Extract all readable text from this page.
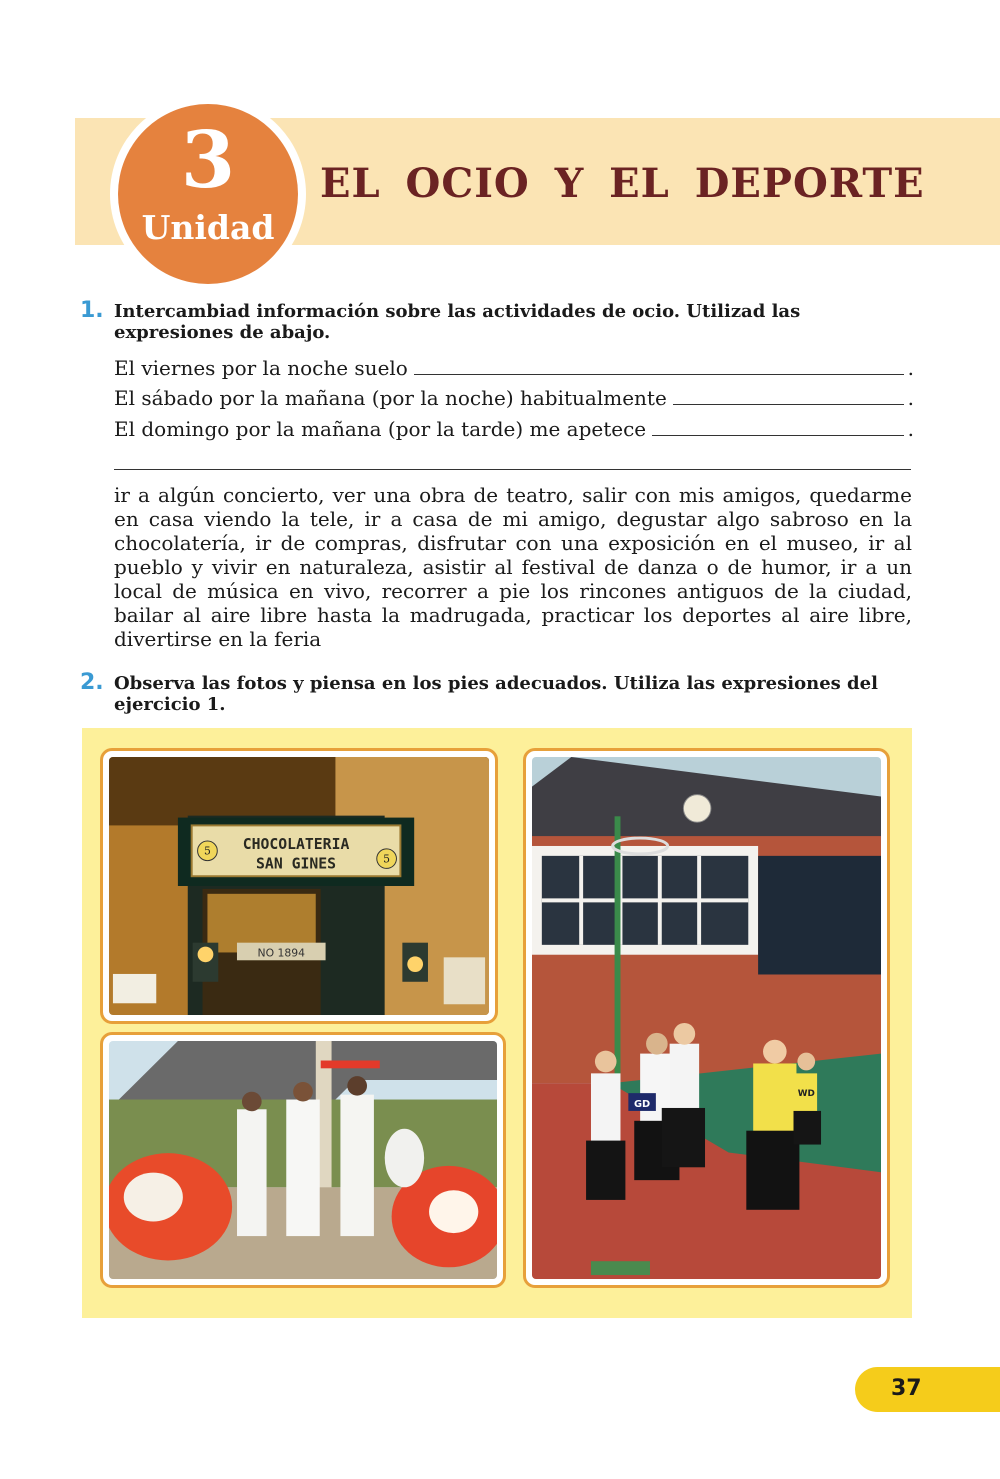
3
Unidad
EL OCIO Y EL DEPORTE
1. Intercambiad información sobre las actividades de ocio. Utilizad las expresiones de abajo.
El viernes por la noche suelo	.
El sábado por la mañana (por la noche) habitualmente	.
El domingo por la mañana (por la tarde) me apetece	.
ir a algún concierto, ver una obra de teatro, salir con mis amigos, quedarme en casa viendo la tele, ir a casa de mi amigo, degustar algo sabroso en la chocolatería, ir de compras, disfrutar con una exposición en el museo, ir al pueblo y vivir en naturaleza, asistir al festival de danza o de humor, ir a un local de música en vivo, recorrer a pie los rincones antiguos de la ciudad, bailar al aire libre hasta la madrugada, practicar los deportes al aire libre, divertirse en la feria
2. Observa las fotos y piensa en los pies adecuados. Utiliza las expresiones del ejercicio 1.
5
5
CHOCOLATERIA
SAN GINES
NO 1894
GD
WD
37
